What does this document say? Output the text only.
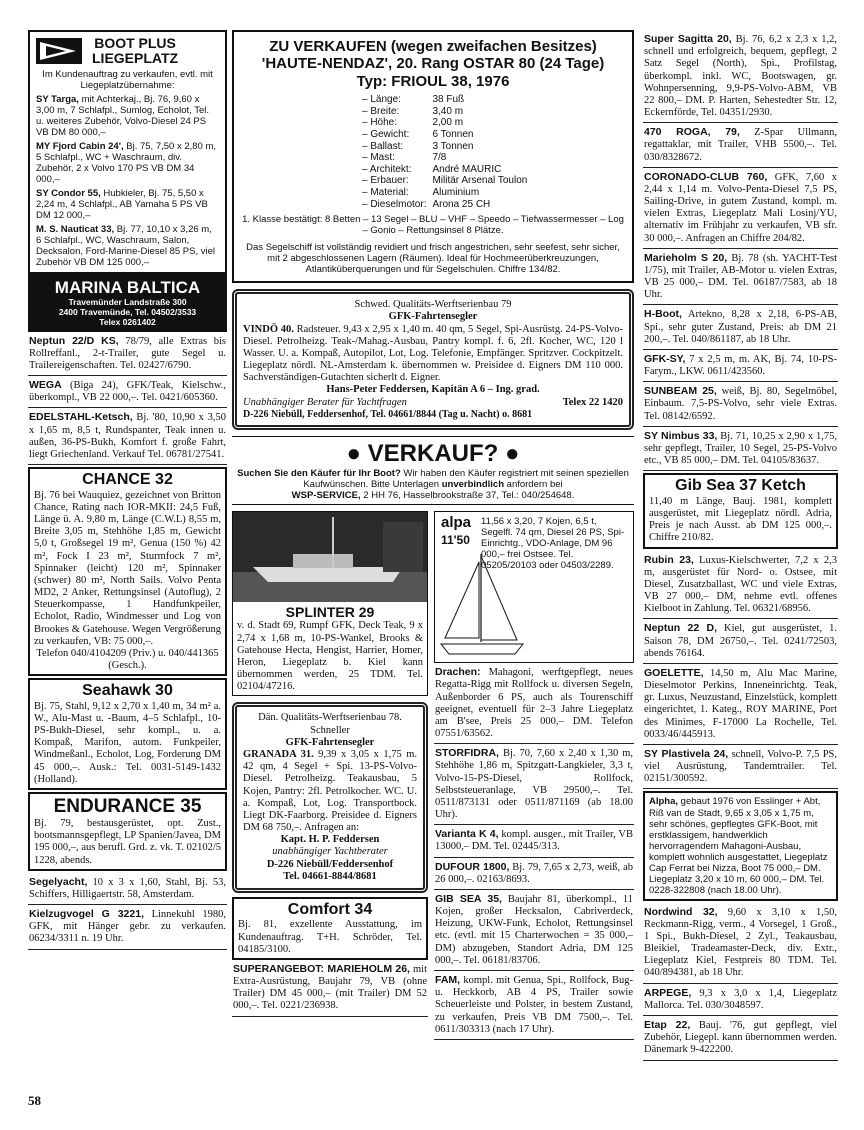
BOOT PLUS
LIEGEPLATZ
Im Kundenauftrag zu verkaufen, evtl. mit Liegeplatzübernahme:
SY Targa, mit Achterkaj., Bj. 76, 9,60 x 3,00 m, 7 Schlafpl., Sumlog, Echolot, Tel. u. weiteres Zubehör, Volvo-Diesel 24 PS VB DM 80 000,–
MY Fjord Cabin 24', Bj. 75, 7,50 x 2,80 m, 5 Schlafpl., WC + Waschraum, div. Zubehör, 2 x Volvo 170 PS VB DM 34 000,–
SY Condor 55, Hubkieler, Bj. 75, 5,50 x 2,24 m, 4 Schlafpl., AB Yamaha 5 PS VB DM 12 000,–
M. S. Nauticat 33, Bj. 77, 10,10 x 3,26 m, 6 Schlafpl., WC, Waschraum, Salon, Decksalon, Ford-Marine-Diesel 85 PS, viel Zubehör VB DM 125 000,–
MARINA BALTICA
Travemünder Landstraße 300
2400 Travemünde, Tel. 04502/3533
Telex 0261402
Neptun 22/D KS, 78/79, alle Extras bis Rollreffanl., 2-t-Trailer, gute Segel u. Trailereigenschaften. Tel. 02427/6790.
WEGA (Biga 24), GFK/Teak, Kielschw., überkompl., VB 22 000,–. Tel. 0421/605360.
EDELSTAHL-Ketsch, Bj. '80, 10,90 x 3,50 x 1,65 m, 8,5 t, Rundspanter, Teak innen u. außen, 36-PS-Bukh, Komfort f. große Fahrt, liegt Griechenland. Verkauf Tel. 06781/27541.
CHANCE 32
Bj. 76 bei Wauquiez, gezeichnet von Britton Chance, Rating nach IOR-MKII: 24,5 Fuß, Länge ü. A. 9,80 m, Länge (C.W.L) 8,55 m, Breite 3,05 m, Stehhöhe 1,85 m, Gewicht 5,0 t, Großsegel 19 m², Genua (150 %) 42 m², Fock I 23 m², Sturmfock 7 m², Spinnaker (leicht) 120 m², Spinnaker (schwer) 80 m², North Sails. Volvo Penta MD2, 2 Anker, Rettungsinsel (Autoflug), 2 Steuerkompasse, 1 Handfunkpeiler, Echolot, Radio, Windmesser und Log von Brookes & Gatehouse. Wegen Vergrößerung zu verkaufen, VB: 75 000,–.
Telefon 040/4104209 (Priv.) u. 040/441365 (Gesch.).
Seahawk 30
Bj. 75, Stahl, 9,12 x 2,70 x 1,40 m, 34 m² a. W., Alu-Mast u. -Baum, 4–5 Schlafpl., 10-PS-Bukh-Diesel, sehr kompl., u. a. Kompaß, Marifon, autom. Funkpeiler, Windmeßanl., Echolot, Log, Forderung DM 45 000,–. Ausk.: Tel. 0031-5149-1432 (Holland).
ENDURANCE 35
Bj. 79, bestausgerüstet, opt. Zust., bootsmannsgepflegt, LP Spanien/Javea, DM 195 000,–, aus berufl. Grd. z. vk. T. 02102/5 1228, abends.
Segelyacht, 10 x 3 x 1,60, Stahl, Bj. 53, Schiffers, Hilligaertstr. 58, Amsterdam.
Kielzugvogel G 3221, Linnekuhl 1980, GFK, mit Hänger gebr. zu verkaufen. 06234/3311 n. 19 Uhr.
ZU VERKAUFEN (wegen zweifachen Besitzes)
'HAUTE-NENDAZ', 20. Rang OSTAR 80 (24 Tage)
Typ: FRIOUL 38, 1976
– Länge:	38 Fuß
– Breite:	3,40 m
– Höhe:	2,00 m
– Gewicht:	6 Tonnen
– Ballast:	3 Tonnen
– Mast:	7/8
– Architekt:	André MAURIC
– Erbauer:	Militär Arsenal Toulon
– Material:	Aluminium
– Dieselmotor:	Arona 25 CH
1. Klasse bestätigt: 8 Betten – 13 Segel – BLU – VHF – Speedo – Tiefwassermesser – Log – Gonio – Rettungsinsel 8 Plätze.
Das Segelschiff ist vollständig revidiert und frisch angestrichen, sehr seefest, sehr sicher, mit 2 abgeschlossenen Lagern (Räumen). Ideal für Hochmeerüberkreuzungen, Atlantiküberquerungen und für Segelschulen. Chiffre 134/82.
Schwed. Qualitäts-Werftserienbau 79
GFK-Fahrtensegler
VINDÖ 40. Radsteuer. 9,43 x 2,95 x 1,40 m. 40 qm, 5 Segel, Spi-Ausrüstg. 24-PS-Volvo-Diesel. Petrolheizg. Teak-/Mahag.-Ausbau, Pantry kompl. f. 6, 2fl. Kocher, WC, 120 l Wasser. U. a. Kompaß, Autopilot, Lot, Log. Telefonie, Empfänger. Spritzver. Cockpitzelt. Liegeplatz nördl. NL-Amsterdam k. übernommen w. Preisidee d. Eigners DM 110 000. Sachverständigen-Gutachten sicherlt d. Eigner.
Hans-Peter Feddersen, Kapitän A 6 – Ing. grad.
Unabhängiger Berater für Yachtfragen	Telex 22 1420
D-226 Niebüll, Feddersenhof, Tel. 04661/8844 (Tag u. Nacht) o. 8681
● VERKAUF? ●
Suchen Sie den Käufer für Ihr Boot? Wir haben den Käufer registriert mit seinen speziellen Kaufwünschen. Bitte Unterlagen unverbindlich anfordern bei
WSP-SERVICE, 2 HH 76, Hasselbrookstraße 37, Tel.: 040/254648.
SPLINTER 29
v. d. Stadt 69, Rumpf GFK, Deck Teak, 9 x 2,74 x 1,68 m, 10-PS-Wankel, Brooks & Gatehouse Hecta, Hengist, Harrier, Homer, Heron, Liegeplatz b. Kiel kann übernommen werden, 25 TDM. Tel. 02104/47216.
Dän. Qualitäts-Werftserienbau 78. Schneller
GFK-Fahrtensegler
GRANADA 31. 9,39 x 3,05 x 1,75 m. 42 qm, 4 Segel + Spi. 13-PS-Volvo-Diesel. Petrolheizg. Teakausbau, 5 Kojen, Pantry: 2fl. Petrolkocher. WC. U. a. Kompaß, Lot, Log. Transportbock. Liegt DK-Faarborg. Preisidee d. Eigners DM 68 750,–. Anfragen an:
Kapt. H. P. Feddersen
unabhängiger Yachtberater
D-226 Niebüll/Feddersenhof
Tel. 04661-8844/8681
Comfort 34
Bj. 81, exzellente Ausstattung, im Kundenauftrag. T+H. Schröder, Tel. 04185/3100.
SUPERANGEBOT: MARIEHOLM 26, mit Extra-Ausrüstung, Baujahr 79, VB (ohne Trailer) DM 45 000,– (mit Trailer) DM 52 000,–. Tel. 0221/236938.
alpa
11'50
11,56 x 3,20, 7 Kojen, 6,5 t, Segelfl. 74 qm, Diesel 26 PS, Spi-Einrichtg., VDO-Anlage, DM 96 000,– frei Ostsee. Tel. 05205/20103 oder 04503/2289.
Drachen: Mahagoni, werftgepflegt, neues Regatta-Rigg mit Rollfock u. diversen Segeln, Außenborder 6 PS, auch als Tourenschiff geeignet, eventuell für 2–3 Jahre Liegeplatz am B'see, Preis 25 000,– DM. Telefon 07551/63562.
STORFIDRA, Bj. 70, 7,60 x 2,40 x 1,30 m, Stehhöhe 1,86 m, Spitzgatt-Langkieler, 3,3 t, Volvo-15-PS-Diesel, Rollfock, Selbststeueranlage, VB 29500,–. Tel. 0511/873131 oder 0511/871169 (ab 18.00 Uhr).
Varianta K 4, kompl. ausger., mit Trailer, VB 13000,– DM. Tel. 02445/313.
DUFOUR 1800, Bj. 79, 7,65 x 2,73, weiß, ab 26 000,–. 02163/8693.
GIB SEA 35, Baujahr 81, überkompl., 11 Kojen, großer Hecksalon, Cabriverdeck, Heizung, UKW-Funk, Echolot, Rettungsinsel etc. (evtl. mit 15 Charterwochen = 35 000,– DM) abzugeben, Standort Adria, DM 125 000,–. Tel. 06181/83706.
FAM, kompl. mit Genua, Spi., Rollfock, Bug- u. Heckkorb, AB 4 PS, Trailer sowie Scheuerleiste und Polster, in bestem Zustand, zu verkaufen, Preis VB DM 7500,–. Tel. 0611/303313 (nach 17 Uhr).
Super Sagitta 20, Bj. 76, 6,2 x 2,3 x 1,2, schnell und erfolgreich, bequem, gepflegt, 2 Satz Segel (North), Spi., Profilstag, überkompl. inkl. WC, Bootswagen, gr. Wohnpersenning, 9,9-PS-Volvo-ABM, VB 22 800,– DM. P. Harten, Sehestedter Str. 12, Eckernförde, Tel. 04351/2930.
470 ROGA, 79, Z-Spar Ullmann, regattaklar, mit Trailer, VHB 5500,–. Tel. 030/8328672.
CORONADO-CLUB 760, GFK, 7,60 x 2,44 x 1,14 m. Volvo-Penta-Diesel 7,5 PS, Sailing-Drive, in gutem Zustand, kompl. m. vielen Extras, Liegeplatz Mali Losinj/YU, alternativ im Frühjahr zu verkaufen, VB sfr. 30 000,–. Anfragen an Chiffre 204/82.
Marieholm S 20, Bj. 78 (sh. YACHT-Test 1/75), mit Trailer, AB-Motor u. vielen Extras, VB 25 000,– DM. Tel. 06187/7583, ab 18 Uhr.
H-Boot, Artekno, 8,28 x 2,18, 6-PS-AB, Spi., sehr guter Zustand, Preis: ab DM 21 200,–. Tel. 040/861187, ab 18 Uhr.
GFK-SY, 7 x 2,5 m, m. AK, Bj. 74, 10-PS-Farym., LKW. 0611/423560.
SUNBEAM 25, weiß, Bj. 80, Segelmöbel, Einbaum. 7,5-PS-Volvo, sehr viele Extras. Tel. 08142/6592.
SY Nimbus 33, Bj. 71, 10,25 x 2,90 x 1,75, sehr gepflegt, Trailer, 10 Segel, 25-PS-Volvo etc., VB 85 000,– DM. Tel. 04105/83637.
Gib Sea 37 Ketch
11,40 m Länge, Bauj. 1981, komplett ausgerüstet, mit Liegeplatz nördl. Adria, Preis je nach Ausst. ab DM 125 000,–. Chiffre 210/82.
Rubin 23, Luxus-Kielschwerter, 7,2 x 2,3 m, ausgerüstet für Nord- o. Ostsee, mit Diesel, Zusatzballast, WC und viele Extras, VB 27 000,– DM, nehme evtl. offenes Kielboot in Zahlung. Tel. 06321/68956.
Neptun 22 D, Kiel, gut ausgerüstet, 1. Saison 78, DM 26750,–. Tel. 0241/72503, abends 76164.
GOELETTE, 14,50 m, Alu Mac Marine, Dieselmotor Perkins, Inneneinrichtg. Teak, gr. Luxus, Neuzustand, Einzelstück, komplett eingerichtet, 1. Kateg., ROY MARINE, Port des Minimes, F-17000 La Rochelle, Tel. 0033/46/445913.
SY Plastivela 24, schnell, Volvo-P. 7,5 PS, viel Ausrüstung, Tandemtrailer. Tel. 02151/300592.
Alpha, gebaut 1976 von Esslinger + Abt, Riß van de Stadt, 9,65 x 3,05 x 1,75 m, sehr schönes, gepflegtes GFK-Boot, mit erstklassigem, handwerklich hervorragendem Mahagoni-Ausbau, komplett wohnlich ausgestattet, Liegeplatz Cap Ferrat bei Nizza, Boot 75 000,– DM. Liegeplatz 3,20 x 10 m, 60 000,– DM. Tel. 0228-322808 (nach 18.00 Uhr).
Nordwind 32, 9,60 x 3,10 x 1,50, Reckmann-Rigg, verm., 4 Vorsegel, 1 Groß., 1 Spi., Bukh-Diesel, 2 Zyl., Teakausbau, Bleikiel, Tradeamaster-Deck, div. Extr., Liegeplatz Kiel, Festpreis 80 TDM. Tel. 040/894381, ab 18 Uhr.
ARPEGE, 9,3 x 3,0 x 1,4, Liegeplatz Mallorca. Tel. 030/3048597.
Etap 22, Bauj. '76, gut gepflegt, viel Zubehör, Liegepl. kann übernommen werden. Dänemark 9-422200.
58
